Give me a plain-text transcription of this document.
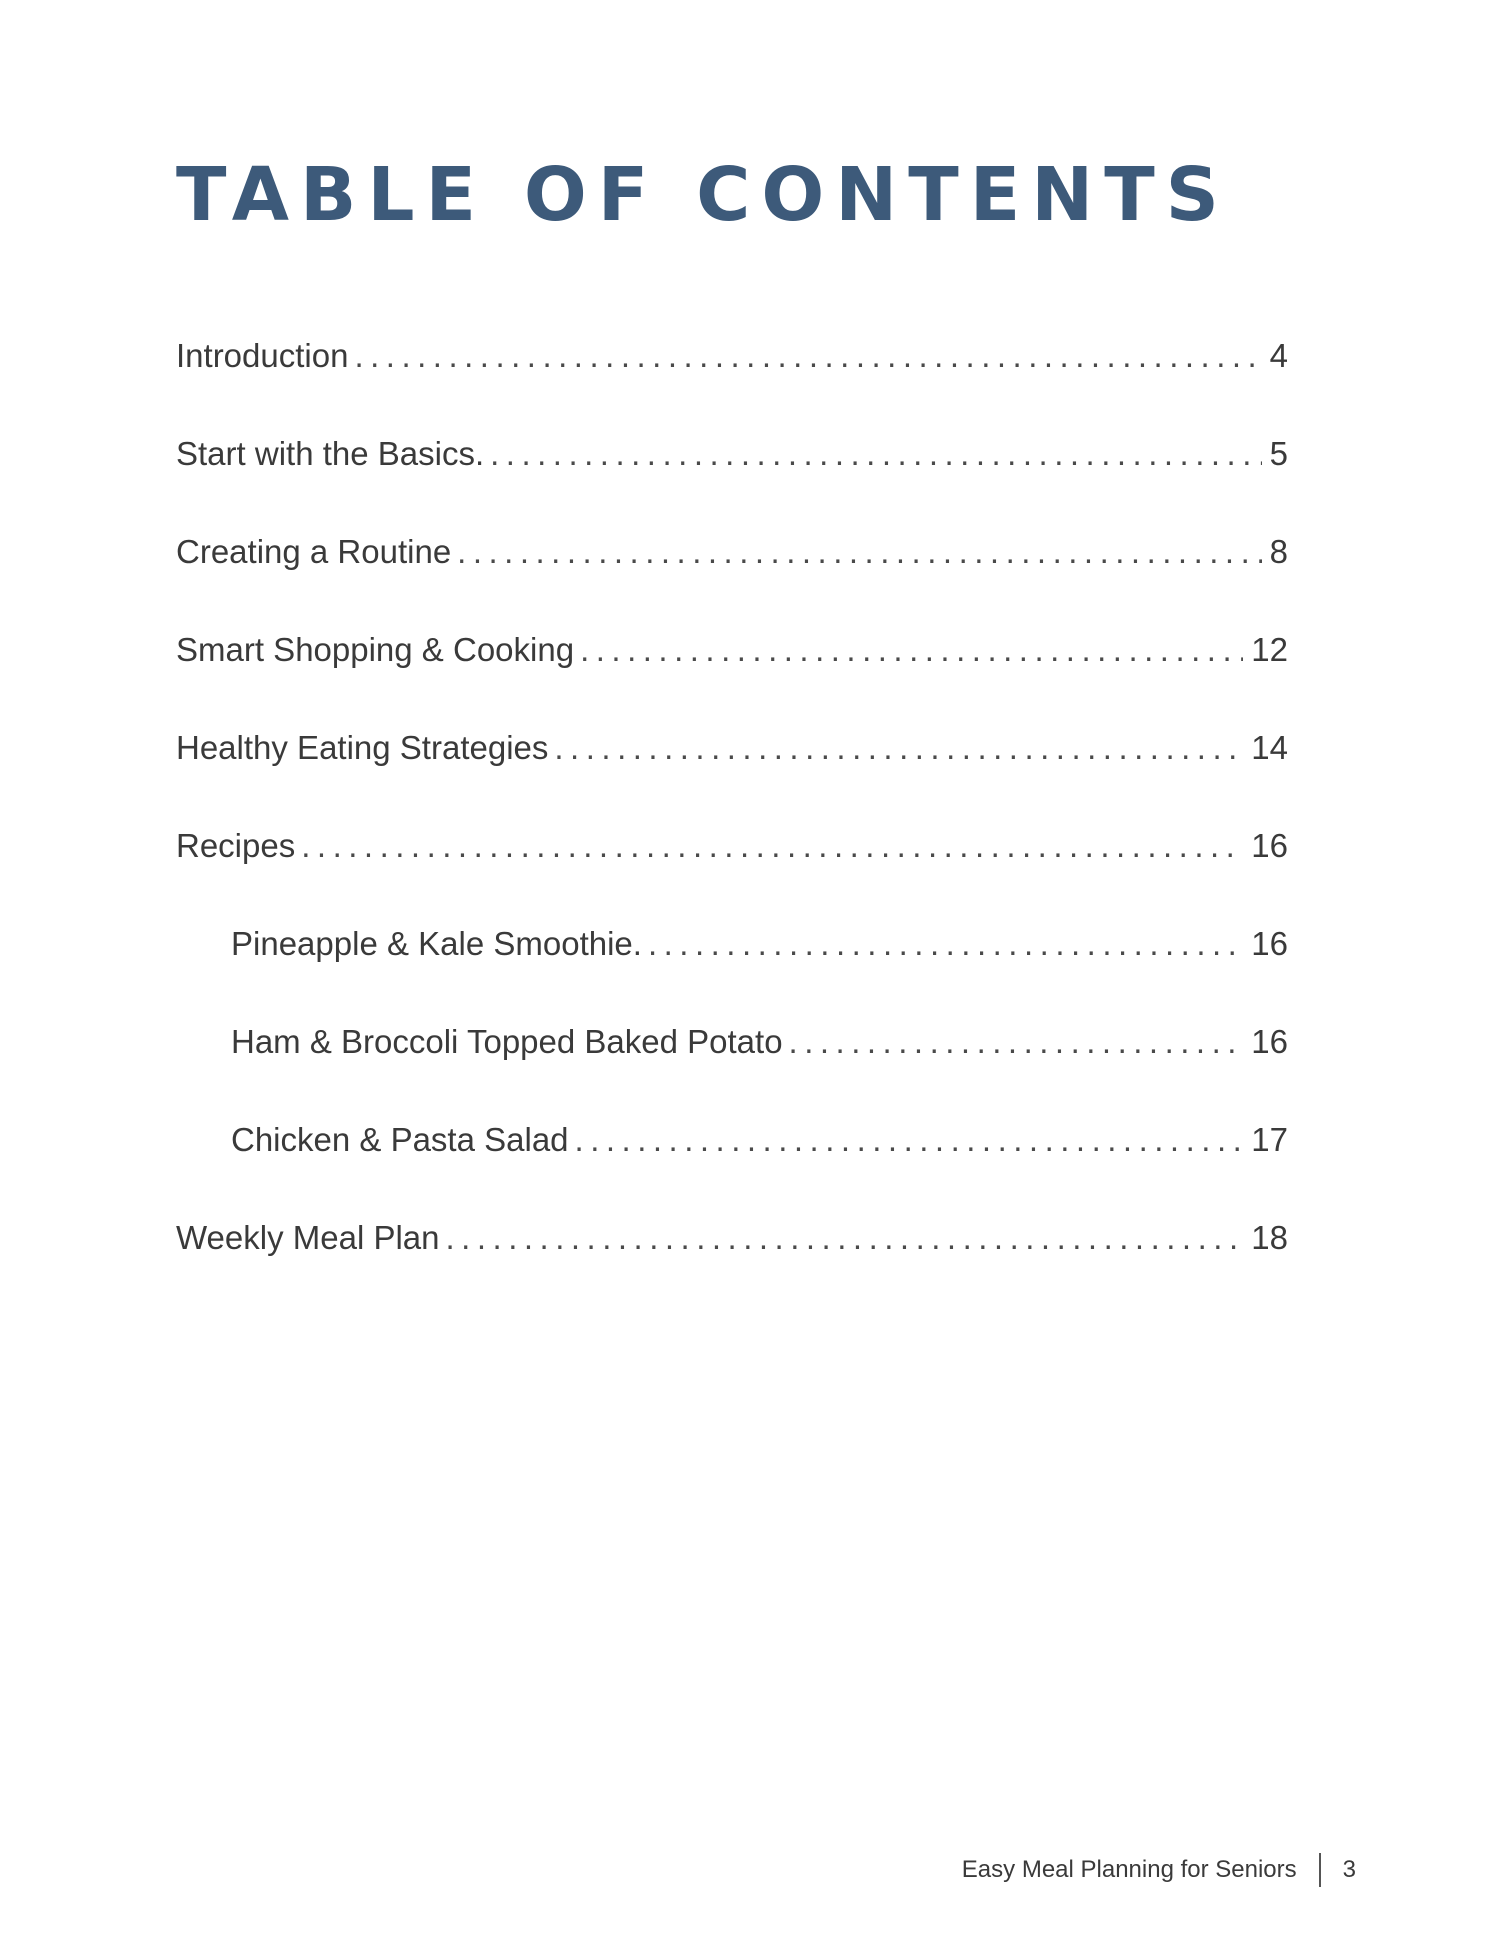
TABLE OF CONTENTS
Introduction .....	4
Start with the Basics. .....	5
Creating a Routine .....	8
Smart Shopping & Cooking .....	12
Healthy Eating Strategies .....	14
Recipes .....	16
Pineapple & Kale Smoothie. .....	16
Ham & Broccoli Topped Baked Potato .....	16
Chicken & Pasta Salad .....	17
Weekly Meal Plan .....	18
Easy Meal Planning for Seniors 3
